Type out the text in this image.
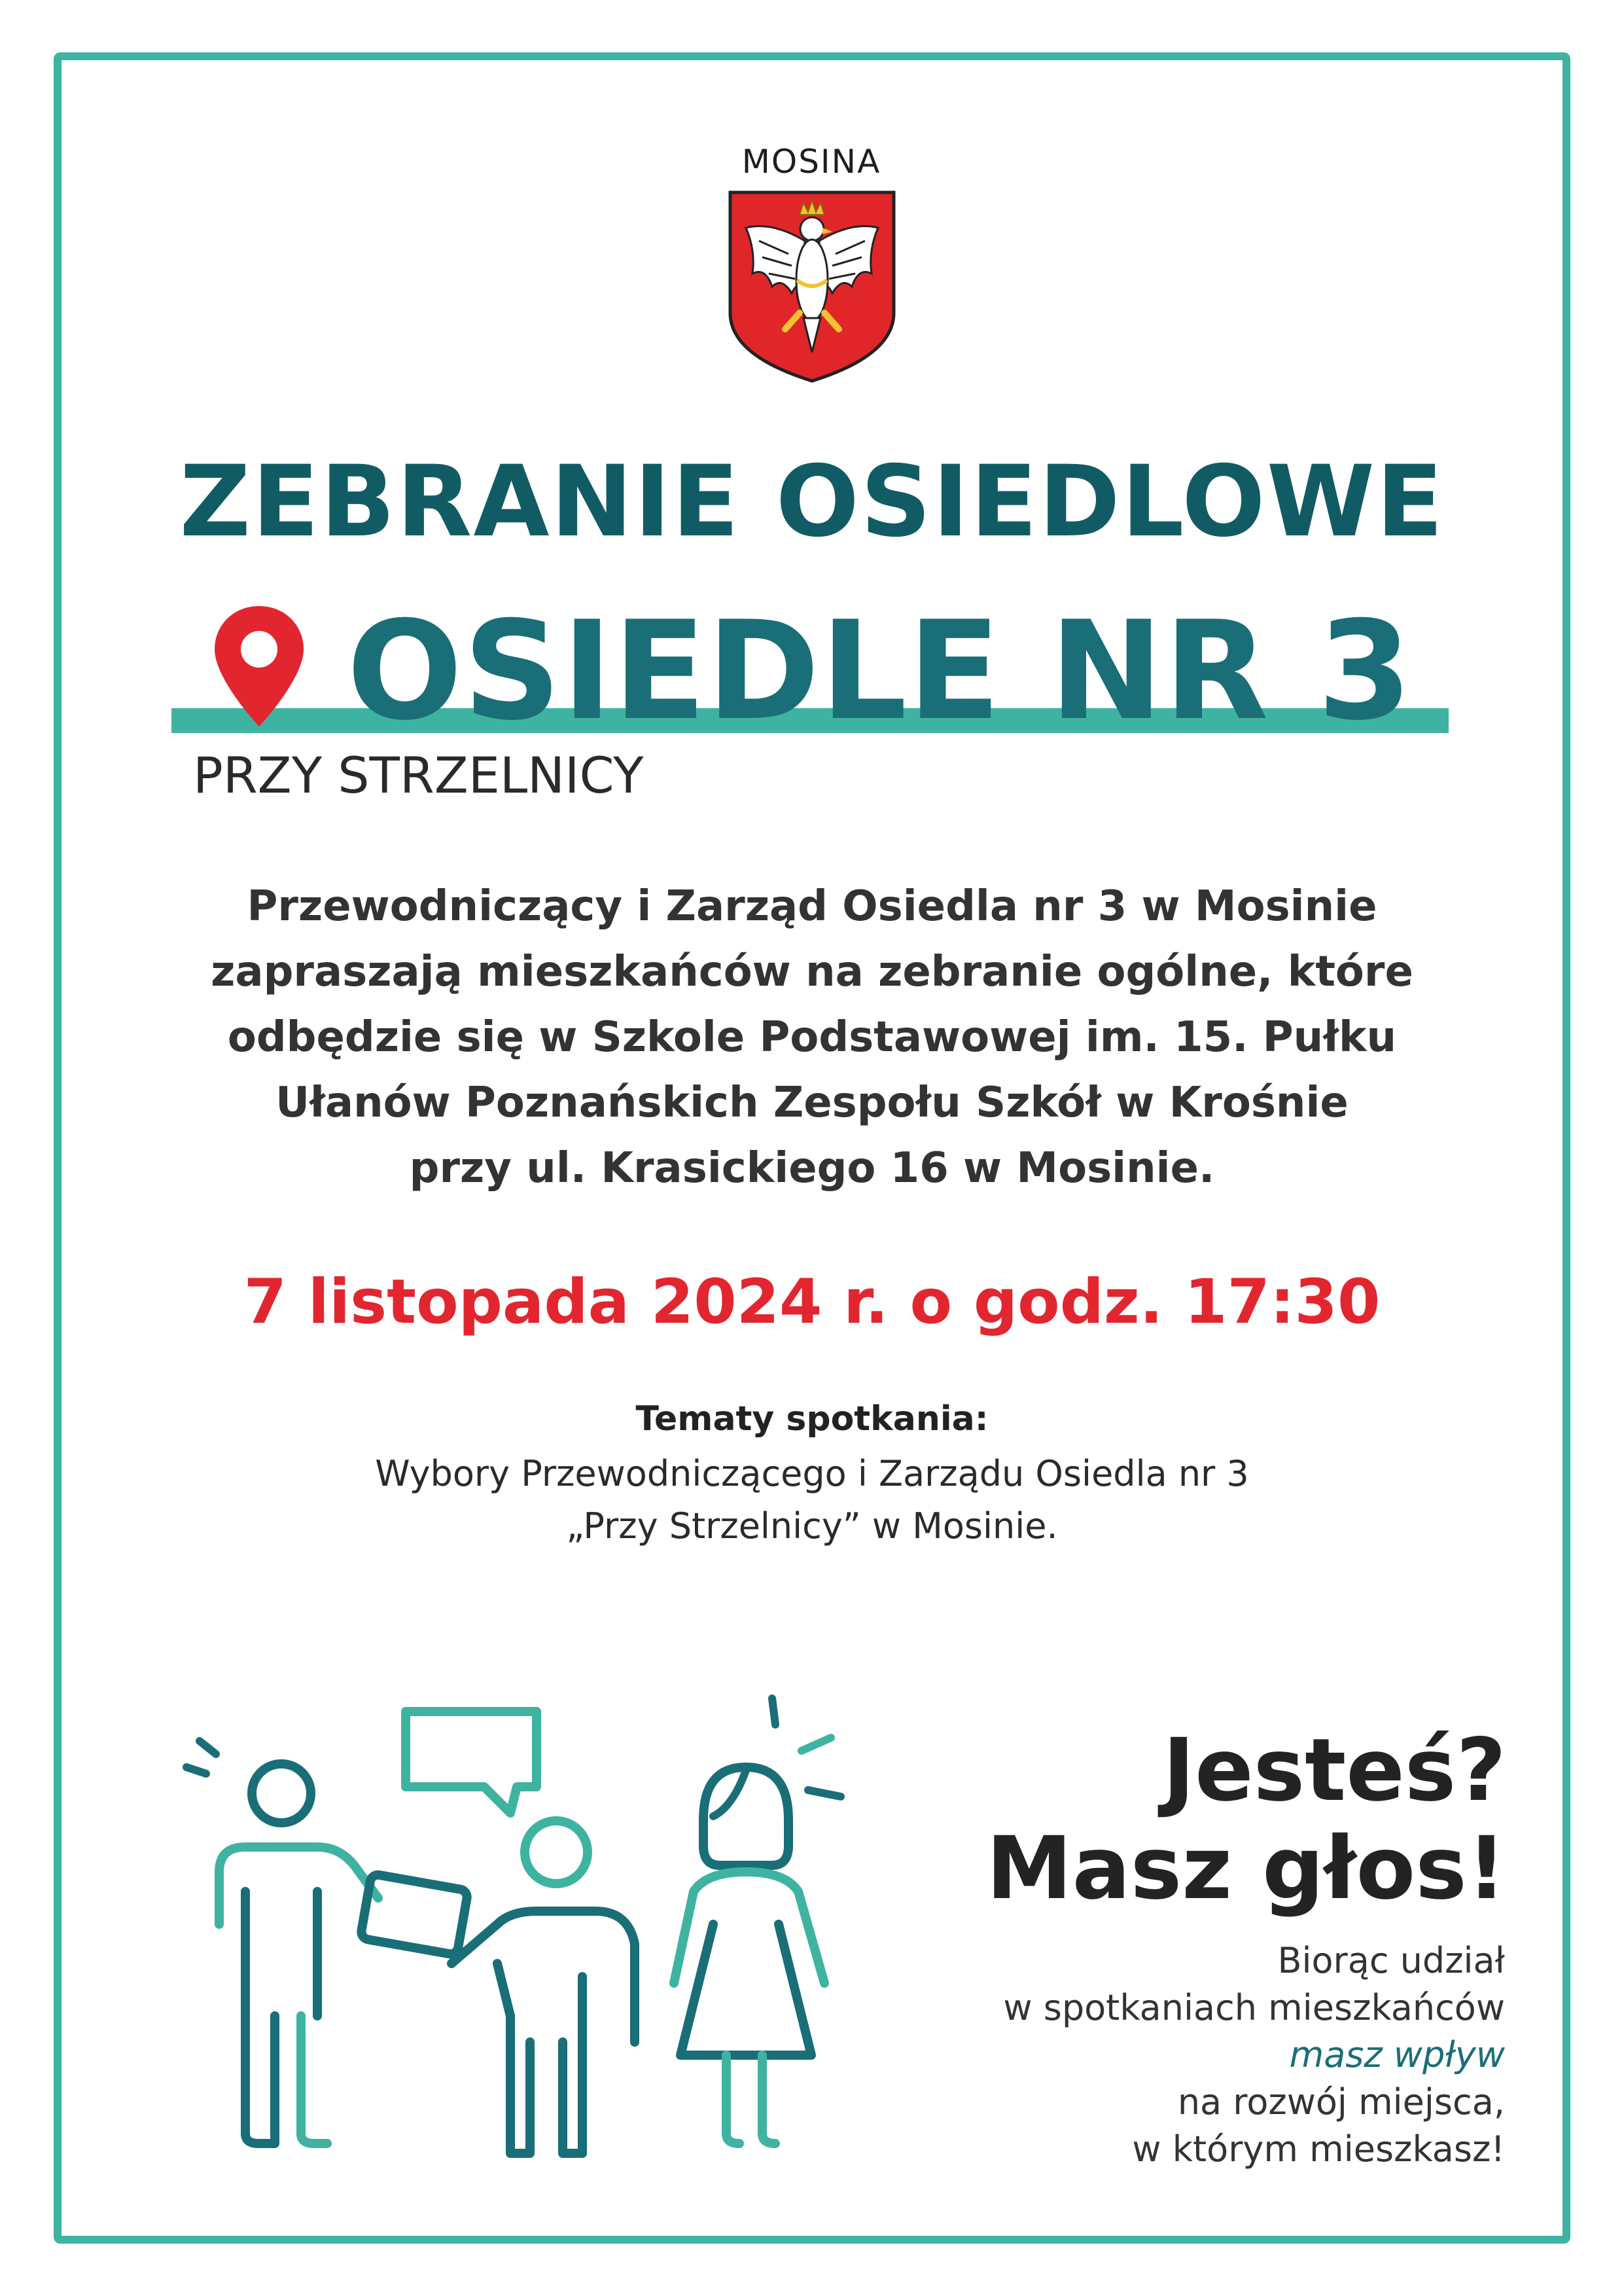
MOSINA
ZEBRANIE OSIEDLOWE
OSIEDLE NR 3
PRZY STRZELNICY
Przewodniczący i Zarząd Osiedla nr 3 w Mosinie
zapraszają mieszkańców na zebranie ogólne, które
odbędzie się w Szkole Podstawowej im. 15. Pułku
Ułanów Poznańskich Zespołu Szkół w Krośnie
przy ul. Krasickiego 16 w Mosinie.
7 listopada 2024 r. o godz. 17:30
Tematy spotkania:
Wybory Przewodniczącego i Zarządu Osiedla nr 3
„Przy Strzelnicy” w Mosinie.
Jesteś?
Masz głos!
Biorąc udział
w spotkaniach mieszkańców
masz wpływ
na rozwój miejsca,
w którym mieszkasz!
